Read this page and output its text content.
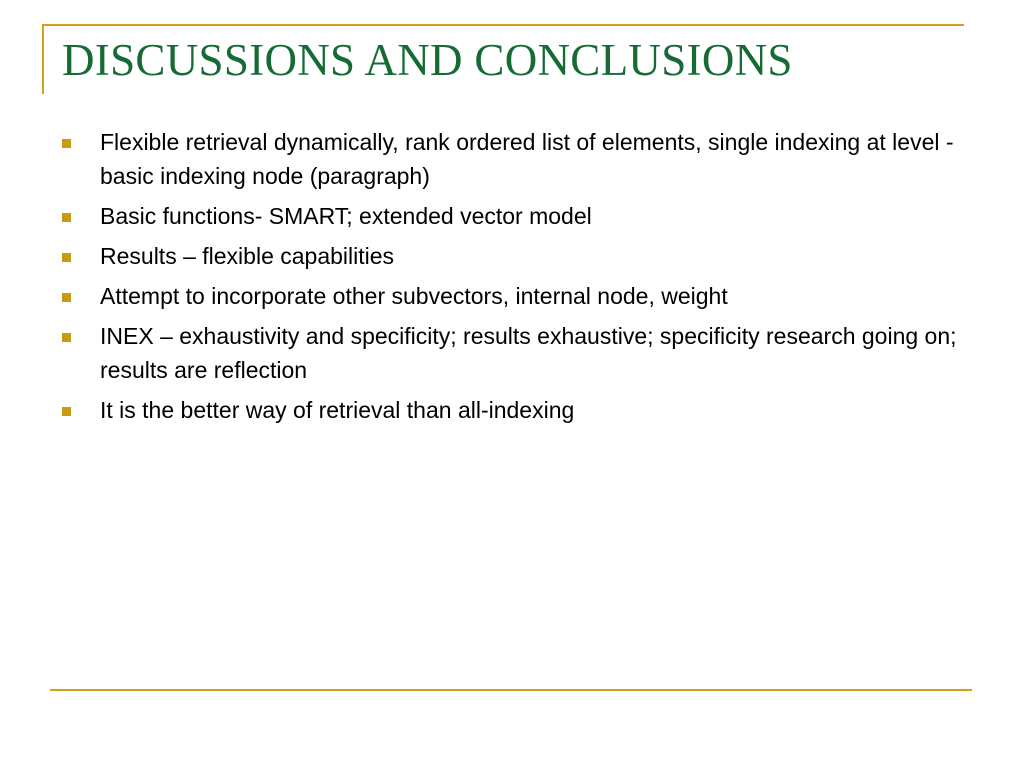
DISCUSSIONS AND CONCLUSIONS
Flexible retrieval dynamically, rank ordered list of elements, single indexing at level - basic indexing node (paragraph)
Basic functions- SMART; extended vector model
Results – flexible capabilities
Attempt to incorporate other subvectors, internal node, weight
INEX – exhaustivity and specificity; results exhaustive; specificity research going on; results are reflection
It is the better way of retrieval than all-indexing
